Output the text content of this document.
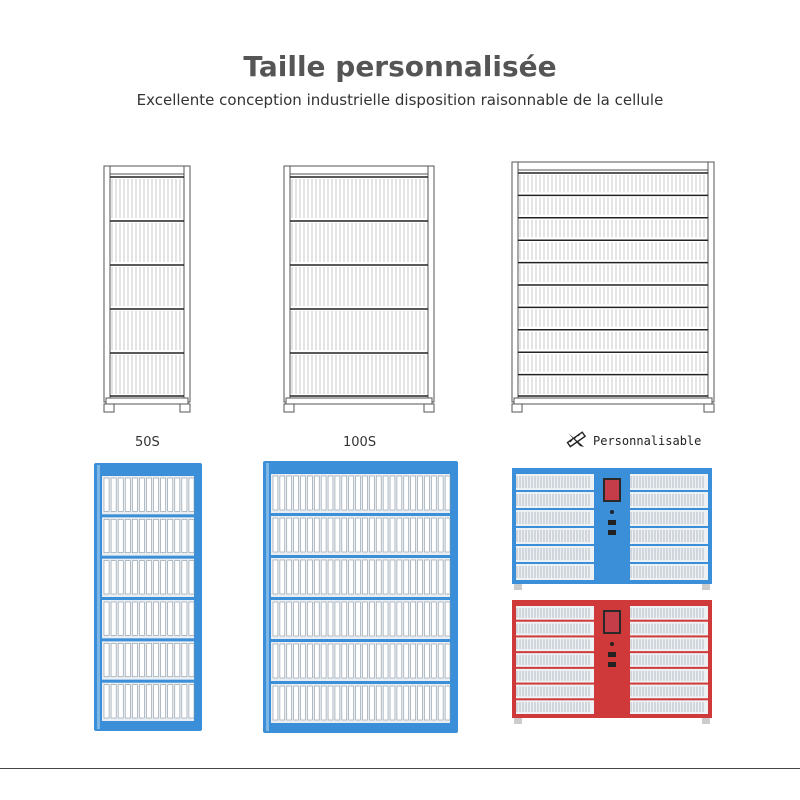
Taille personnalisée
Excellente conception industrielle disposition raisonnable de la cellule
50S	100S	Personnalisable
